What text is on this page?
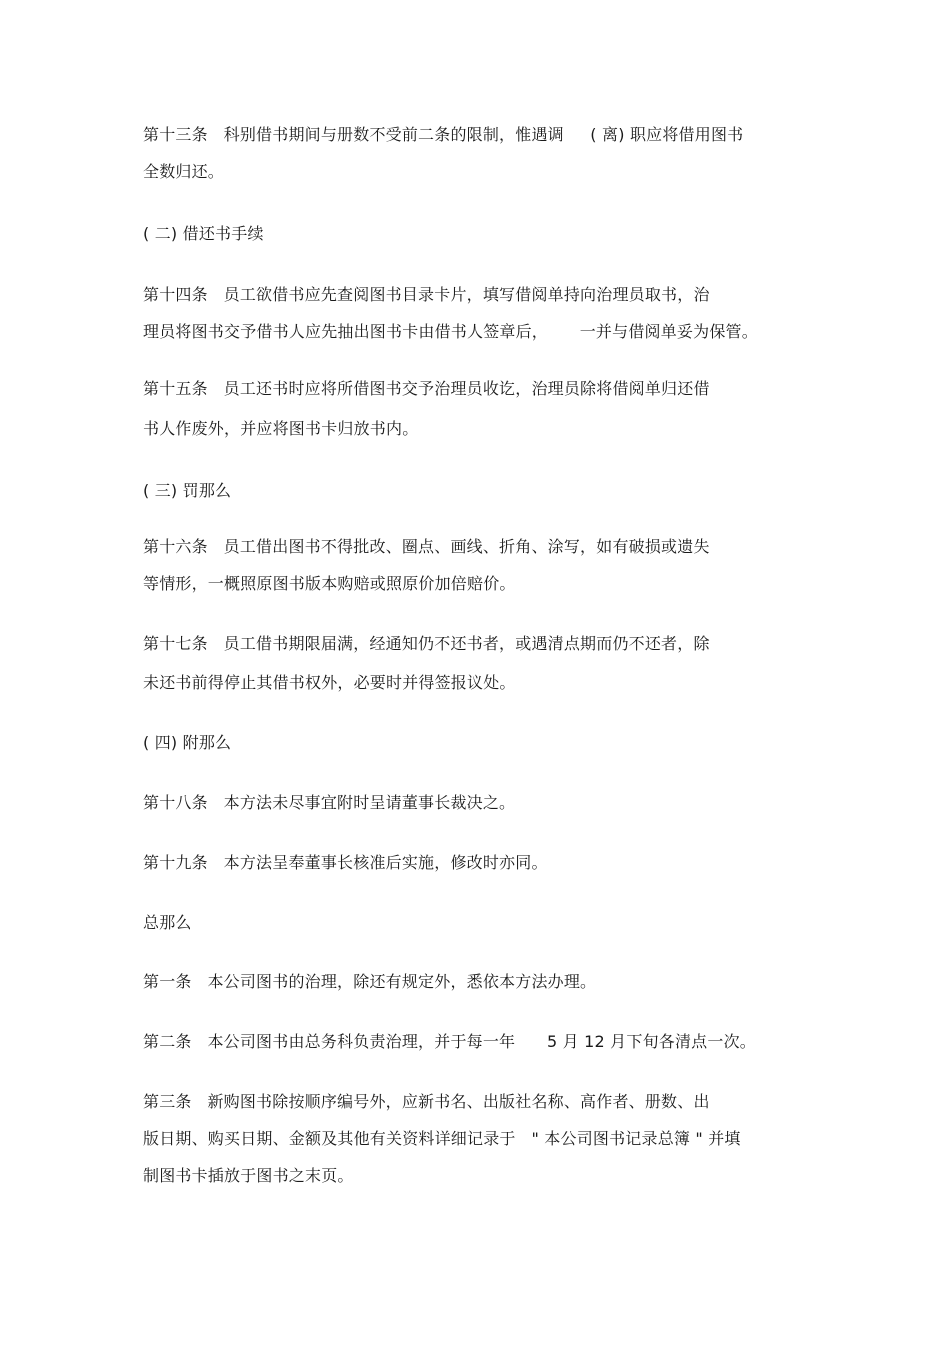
第十三条   科别借书期间与册数不受前二条的限制，惟遇调     ( 离) 职应将借用图书
全数归还。
( 二) 借还书手续
第十四条   员工欲借书应先查阅图书目录卡片，填写借阅单持向治理员取书，治
理员将图书交予借书人应先抽出图书卡由借书人签章后，      一并与借阅单妥为保管。
第十五条   员工还书时应将所借图书交予治理员收讫，治理员除将借阅单归还借
书人作废外，并应将图书卡归放书内。
( 三) 罚那么
第十六条   员工借出图书不得批改、圈点、画线、折角、涂写，如有破损或遗失
等情形，一概照原图书版本购赔或照原价加倍赔价。
第十七条   员工借书期限届满，经通知仍不还书者，或遇清点期而仍不还者，除
未还书前得停止其借书权外，必要时并得签报议处。
( 四) 附那么
第十八条   本方法未尽事宜附时呈请董事长裁决之。
第十九条   本方法呈奉董事长核准后实施，修改时亦同。
总那么
第一条   本公司图书的治理，除还有规定外，悉依本方法办理。
第二条   本公司图书由总务科负责治理，并于每一年      5 月 12 月下旬各清点一次。
第三条   新购图书除按顺序编号外，应新书名、出版社名称、高作者、册数、出
版日期、购买日期、金额及其他有关资料详细记录于   " 本公司图书记录总簿 " 并填
制图书卡插放于图书之末页。
